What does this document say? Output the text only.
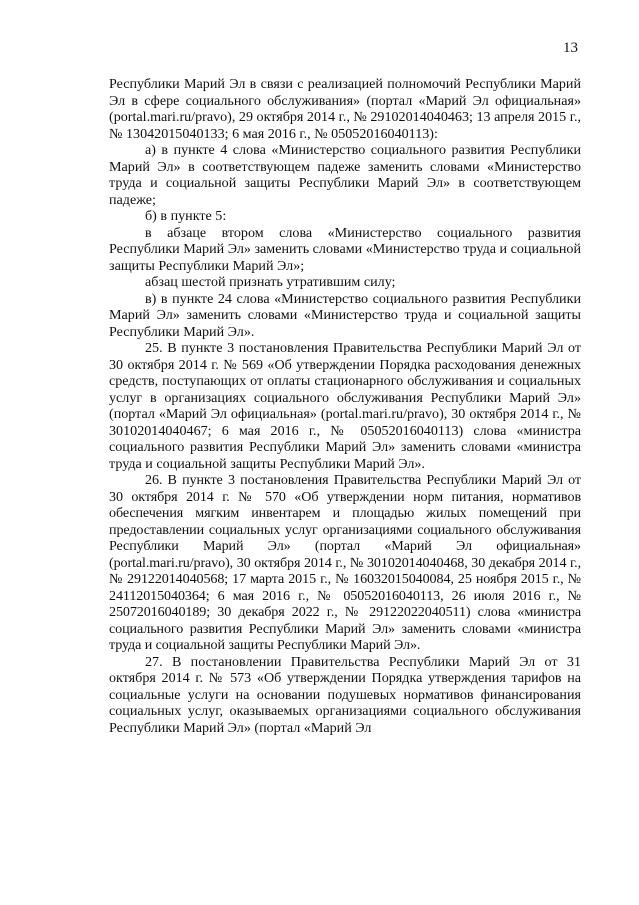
13

Республики Марий Эл в связи с реализацией полномочий Республики Марий Эл в сфере социального обслуживания» (портал «Марий Эл официальная» (portal.mari.ru/pravo), 29 октября 2014 г., № 29102014040463; 13 апреля 2015 г., № 13042015040133; 6 мая 2016 г., № 05052016040113):

а) в пункте 4 слова «Министерство социального развития Республики Марий Эл» в соответствующем падеже заменить словами «Министерство труда и социальной защиты Республики Марий Эл» в соответствующем падеже;

б) в пункте 5:

в абзаце втором слова «Министерство социального развития Республики Марий Эл» заменить словами «Министерство труда и социальной защиты Республики Марий Эл»;

абзац шестой признать утратившим силу;

в) в пункте 24 слова «Министерство социального развития Республики Марий Эл» заменить словами «Министерство труда и социальной защиты Республики Марий Эл».

25. В пункте 3 постановления Правительства Республики Марий Эл от 30 октября 2014 г. № 569 «Об утверждении Порядка расходования денежных средств, поступающих от оплаты стационарного обслуживания и социальных услуг в организациях социального обслуживания Республики Марий Эл» (портал «Марий Эл официальная» (portal.mari.ru/pravo), 30 октября 2014 г., № 30102014040467; 6 мая 2016 г., № 05052016040113) слова «министра социального развития Республики Марий Эл» заменить словами «министра труда и социальной защиты Республики Марий Эл».

26. В пункте 3 постановления Правительства Республики Марий Эл от 30 октября 2014 г. № 570 «Об утверждении норм питания, нормативов обеспечения мягким инвентарем и площадью жилых помещений при предоставлении социальных услуг организациями социального обслуживания Республики Марий Эл» (портал «Марий Эл официальная» (portal.mari.ru/pravo), 30 октября 2014 г., № 30102014040468, 30 декабря 2014 г., № 29122014040568; 17 марта 2015 г., № 16032015040084, 25 ноября 2015 г., № 24112015040364; 6 мая 2016 г., № 05052016040113, 26 июля 2016 г., № 25072016040189; 30 декабря 2022 г., № 29122022040511) слова «министра социального развития Республики Марий Эл» заменить словами «министра труда и социальной защиты Республики Марий Эл».

27. В постановлении Правительства Республики Марий Эл от 31 октября 2014 г. № 573 «Об утверждении Порядка утверждения тарифов на социальные услуги на основании подушевых нормативов финансирования социальных услуг, оказываемых организациями социального обслуживания Республики Марий Эл» (портал «Марий Эл
